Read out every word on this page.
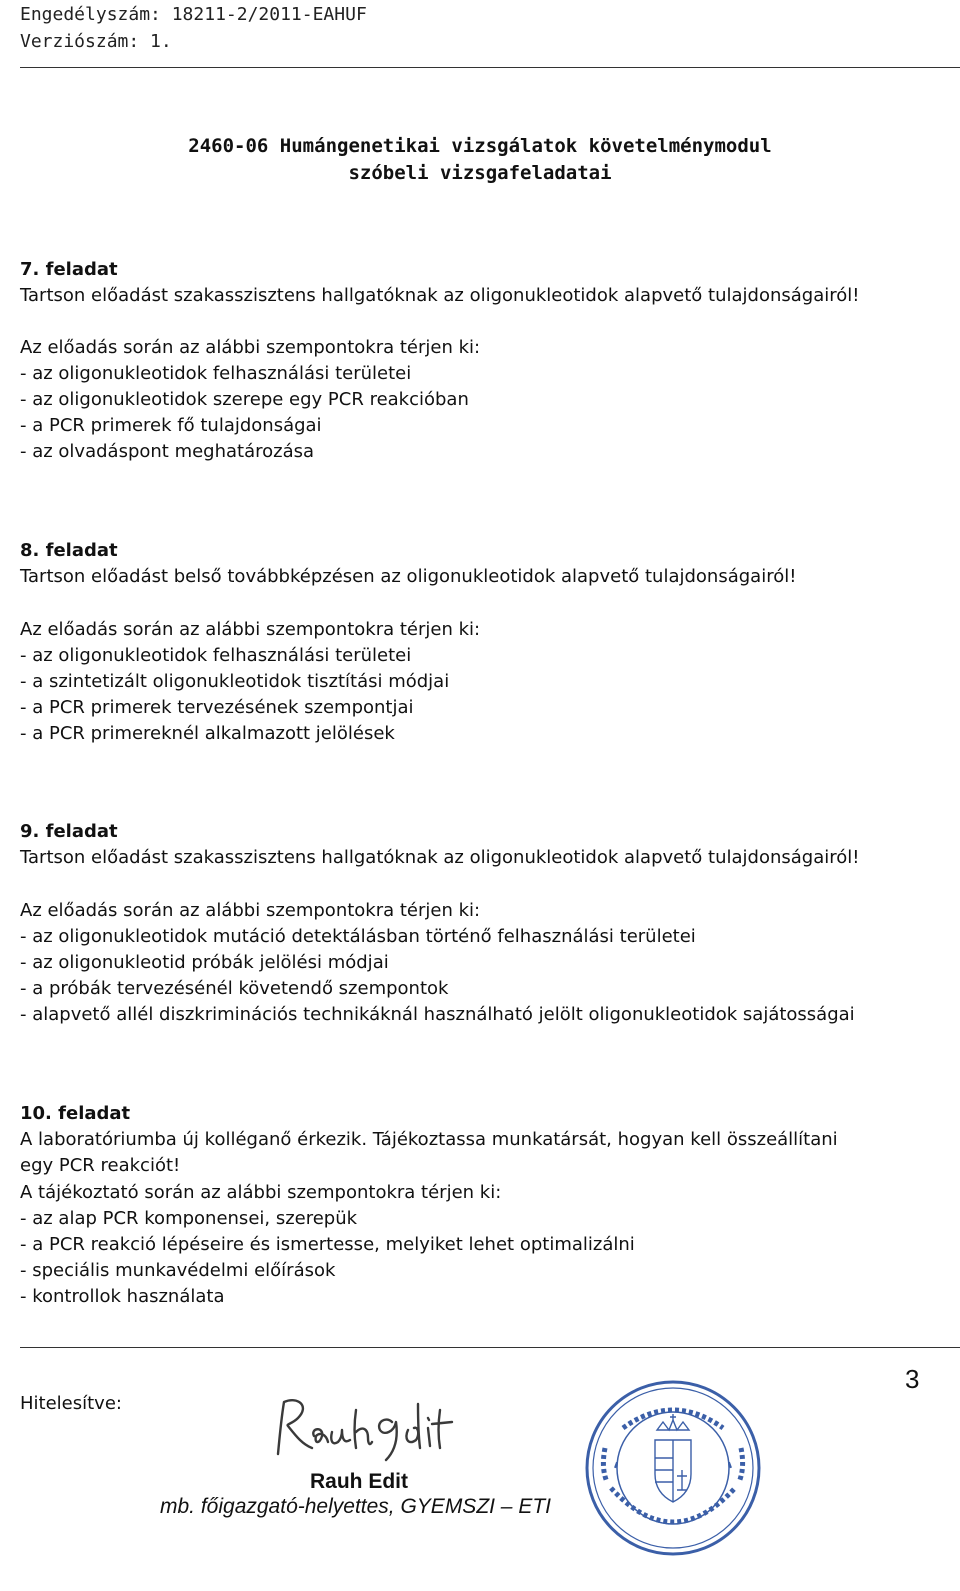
Engedélyszám: 18211-2/2011-EAHUF
Verziószám: 1.
2460-06 Humángenetikai vizsgálatok követelménymodul
szóbeli vizsgafeladatai
7. feladat
Tartson előadást szakasszisztens hallgatóknak az oligonukleotidok alapvető tulajdonságairól!
Az előadás során az alábbi szempontokra térjen ki:
- az oligonukleotidok felhasználási területei
- az oligonukleotidok szerepe egy PCR reakcióban
- a PCR primerek fő tulajdonságai
- az olvadáspont meghatározása
8. feladat
Tartson előadást belső továbbképzésen az oligonukleotidok alapvető tulajdonságairól!
Az előadás során az alábbi szempontokra térjen ki:
- az oligonukleotidok felhasználási területei
- a szintetizált oligonukleotidok tisztítási módjai
- a PCR primerek tervezésének szempontjai
- a PCR primereknél alkalmazott jelölések
9. feladat
Tartson előadást szakasszisztens hallgatóknak az oligonukleotidok alapvető tulajdonságairól!
Az előadás során az alábbi szempontokra térjen ki:
- az oligonukleotidok mutáció detektálásban történő felhasználási területei
- az oligonukleotid próbák jelölési módjai
- a próbák tervezésénél követendő szempontok
- alapvető allél diszkriminációs technikáknál használható jelölt oligonukleotidok sajátosságai
10. feladat
A laboratóriumba új kolléganő érkezik. Tájékoztassa munkatársát, hogyan kell összeállítani
egy PCR reakciót!
A tájékoztató során az alábbi szempontokra térjen ki:
- az alap PCR komponensei, szerepük
- a PCR reakció lépéseire és ismertesse, melyiket lehet optimalizálni
- speciális munkavédelmi előírások
- kontrollok használata
3
Hitelesítve:
Rauh Edit
mb. főigazgató-helyettes, GYEMSZI – ETI
